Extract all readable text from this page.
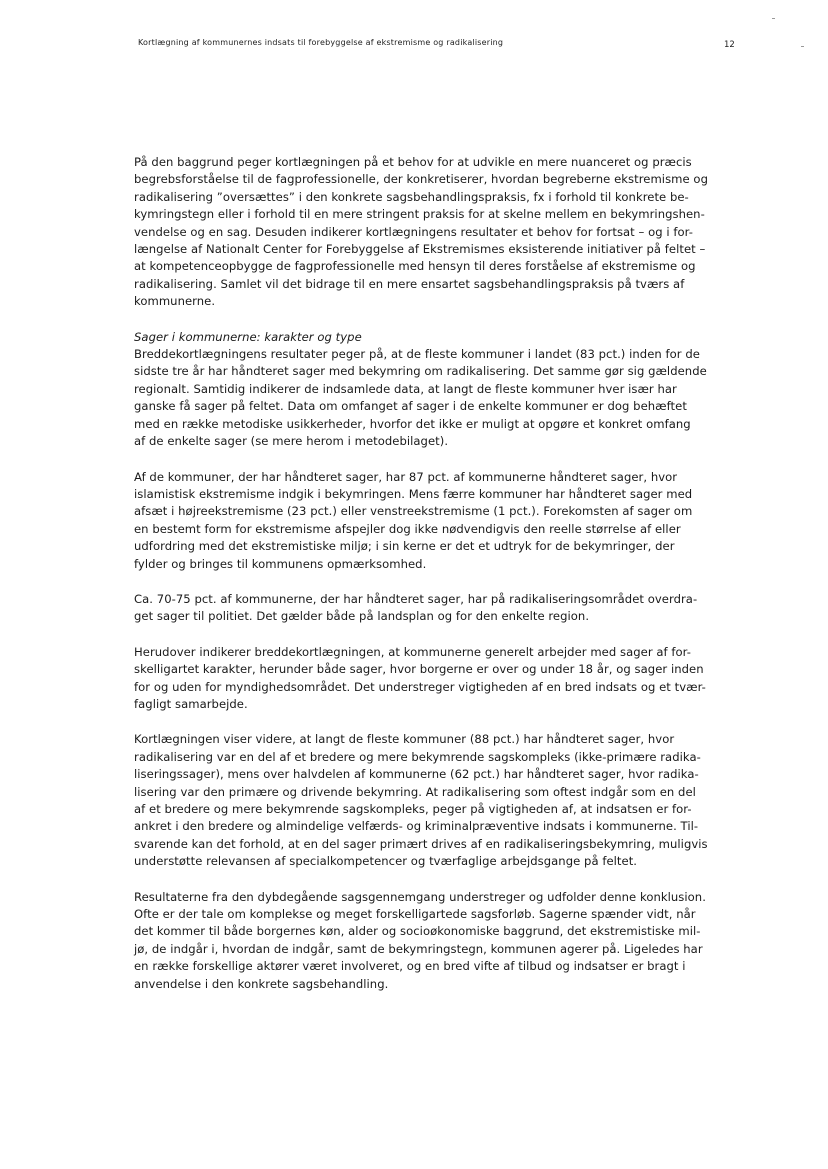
Kortlægning af kommunernes indsats til forebyggelse af ekstremisme og radikalisering	12

På den baggrund peger kortlægningen på et behov for at udvikle en mere nuanceret og præcis
begrebsforståelse til de fagprofessionelle, der konkretiserer, hvordan begreberne ekstremisme og
radikalisering ”oversættes” i den konkrete sagsbehandlingspraksis, fx i forhold til konkrete be-
kymringstegn eller i forhold til en mere stringent praksis for at skelne mellem en bekymringshen-
vendelse og en sag. Desuden indikerer kortlægningens resultater et behov for fortsat – og i for-
længelse af Nationalt Center for Forebyggelse af Ekstremismes eksisterende initiativer på feltet –
at kompetenceopbygge de fagprofessionelle med hensyn til deres forståelse af ekstremisme og
radikalisering. Samlet vil det bidrage til en mere ensartet sagsbehandlingspraksis på tværs af
kommunerne.

Sager i kommunerne: karakter og type

Breddekortlægningens resultater peger på, at de fleste kommuner i landet (83 pct.) inden for de
sidste tre år har håndteret sager med bekymring om radikalisering. Det samme gør sig gældende
regionalt. Samtidig indikerer de indsamlede data, at langt de fleste kommuner hver især har
ganske få sager på feltet. Data om omfanget af sager i de enkelte kommuner er dog behæftet
med en række metodiske usikkerheder, hvorfor det ikke er muligt at opgøre et konkret omfang
af de enkelte sager (se mere herom i metodebilaget).

Af de kommuner, der har håndteret sager, har 87 pct. af kommunerne håndteret sager, hvor
islamistisk ekstremisme indgik i bekymringen. Mens færre kommuner har håndteret sager med
afsæt i højreekstremisme (23 pct.) eller venstreekstremisme (1 pct.). Forekomsten af sager om
en bestemt form for ekstremisme afspejler dog ikke nødvendigvis den reelle størrelse af eller
udfordring med det ekstremistiske miljø; i sin kerne er det et udtryk for de bekymringer, der
fylder og bringes til kommunens opmærksomhed.

Ca. 70-75 pct. af kommunerne, der har håndteret sager, har på radikaliseringsområdet overdra-
get sager til politiet. Det gælder både på landsplan og for den enkelte region.

Herudover indikerer breddekortlægningen, at kommunerne generelt arbejder med sager af for-
skelligartet karakter, herunder både sager, hvor borgerne er over og under 18 år, og sager inden
for og uden for myndighedsområdet. Det understreger vigtigheden af en bred indsats og et tvær-
fagligt samarbejde.

Kortlægningen viser videre, at langt de fleste kommuner (88 pct.) har håndteret sager, hvor
radikalisering var en del af et bredere og mere bekymrende sagskompleks (ikke-primære radika-
liseringssager), mens over halvdelen af kommunerne (62 pct.) har håndteret sager, hvor radika-
lisering var den primære og drivende bekymring. At radikalisering som oftest indgår som en del
af et bredere og mere bekymrende sagskompleks, peger på vigtigheden af, at indsatsen er for-
ankret i den bredere og almindelige velfærds- og kriminalpræventive indsats i kommunerne. Til-
svarende kan det forhold, at en del sager primært drives af en radikaliseringsbekymring, muligvis
understøtte relevansen af specialkompetencer og tværfaglige arbejdsgange på feltet.

Resultaterne fra den dybdegående sagsgennemgang understreger og udfolder denne konklusion.
Ofte er der tale om komplekse og meget forskelligartede sagsforløb. Sagerne spænder vidt, når
det kommer til både borgernes køn, alder og socioøkonomiske baggrund, det ekstremistiske mil-
jø, de indgår i, hvordan de indgår, samt de bekymringstegn, kommunen agerer på. Ligeledes har
en række forskellige aktører været involveret, og en bred vifte af tilbud og indsatser er bragt i
anvendelse i den konkrete sagsbehandling.
